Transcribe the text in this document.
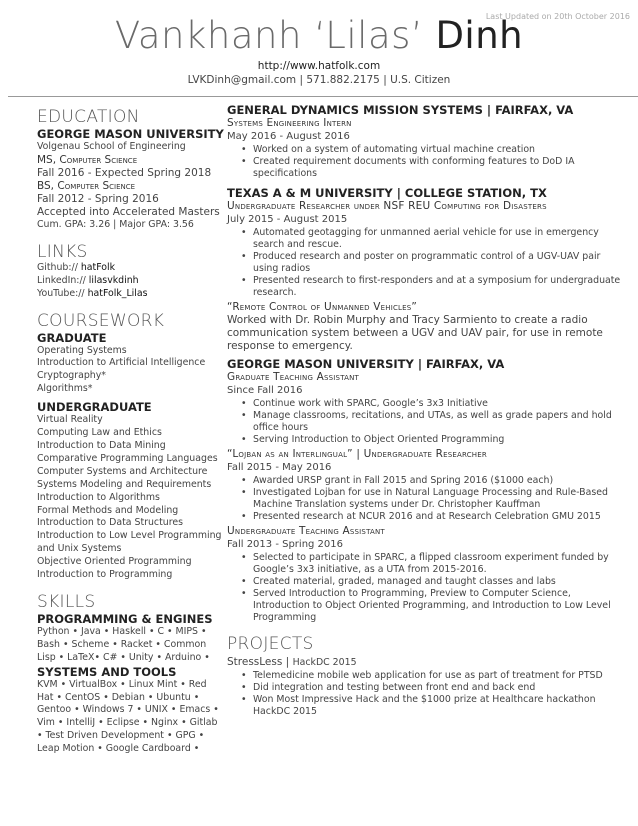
Last Updated on 20th October 2016
Vankhanh ‘Lilas’ Dinh
http://www.hatfolk.com
LVKDinh@gmail.com | 571.882.2175 | U.S. Citizen
EDUCATION
GEORGE MASON UNIVERSITY
Volgenau School of Engineering
MS, Computer Science
Fall 2016 - Expected Spring 2018
BS, Computer Science
Fall 2012 - Spring 2016
Accepted into Accelerated Masters
Cum. GPA: 3.26 | Major GPA: 3.56
LINKS
Github:// hatFolk
LinkedIn:// lilasvkdinh
YouTube:// hatFolk_Lilas
COURSEWORK
GRADUATE
Operating Systems
Introduction to Artificial Intelligence
Cryptography*
Algorithms*
UNDERGRADUATE
Virtual Reality
Computing Law and Ethics
Introduction to Data Mining
Comparative Programming Languages
Computer Systems and Architecture
Systems Modeling and Requirements
Introduction to Algorithms
Formal Methods and Modeling
Introduction to Data Structures
Introduction to Low Level Programming
and Unix Systems
Objective Oriented Programming
Introduction to Programming
SKILLS
PROGRAMMING & ENGINES
Python • Java • Haskell • C • MIPS • Bash • Scheme • Racket • Common Lisp • LaTeX• C# • Unity • Arduino •
SYSTEMS AND TOOLS
KVM • VirtualBox • Linux Mint • Red Hat • CentOS • Debian • Ubuntu • Gentoo • Windows 7 • UNIX • Emacs • Vim • IntelliJ • Eclipse • Nginx • Gitlab • Test Driven Development • GPG • Leap Motion • Google Cardboard •
GENERAL DYNAMICS MISSION SYSTEMS | FAIRFAX, VA
Systems Engineering Intern
May 2016 - August 2016
• Worked on a system of automating virtual machine creation
• Created requirement documents with conforming features to DoD IA specifications
TEXAS A & M UNIVERSITY | COLLEGE STATION, TX
Undergraduate Researcher under NSF REU Computing for Disasters
July 2015 - August 2015
• Automated geotagging for unmanned aerial vehicle for use in emergency search and rescue.
• Produced research and poster on programmatic control of a UGV-UAV pair using radios
• Presented research to first-responders and at a symposium for undergraduate research.
“Remote Control of Unmanned Vehicles”
Worked with Dr. Robin Murphy and Tracy Sarmiento to create a radio communication system between a UGV and UAV pair, for use in remote response to emergency.
GEORGE MASON UNIVERSITY | FAIRFAX, VA
Graduate Teaching Assistant
Since Fall 2016
• Continue work with SPARC, Google’s 3x3 Initiative
• Manage classrooms, recitations, and UTAs, as well as grade papers and hold office hours
• Serving Introduction to Object Oriented Programming
“Lojban as an Interlingual” | Undergraduate Researcher
Fall 2015 - May 2016
• Awarded URSP grant in Fall 2015 and Spring 2016 ($1000 each)
• Investigated Lojban for use in Natural Language Processing and Rule-Based Machine Translation systems under Dr. Christopher Kauffman
• Presented research at NCUR 2016 and at Research Celebration GMU 2015
Undergraduate Teaching Assistant
Fall 2013 - Spring 2016
• Selected to participate in SPARC, a flipped classroom experiment funded by Google’s 3x3 initiative, as a UTA from 2015-2016.
• Created material, graded, managed and taught classes and labs
• Served Introduction to Programming, Preview to Computer Science, Introduction to Object Oriented Programming, and Introduction to Low Level Programming
PROJECTS
StressLess | HackDC 2015
• Telemedicine mobile web application for use as part of treatment for PTSD
• Did integration and testing between front end and back end
• Won Most Impressive Hack and the $1000 prize at Healthcare hackathon HackDC 2015
